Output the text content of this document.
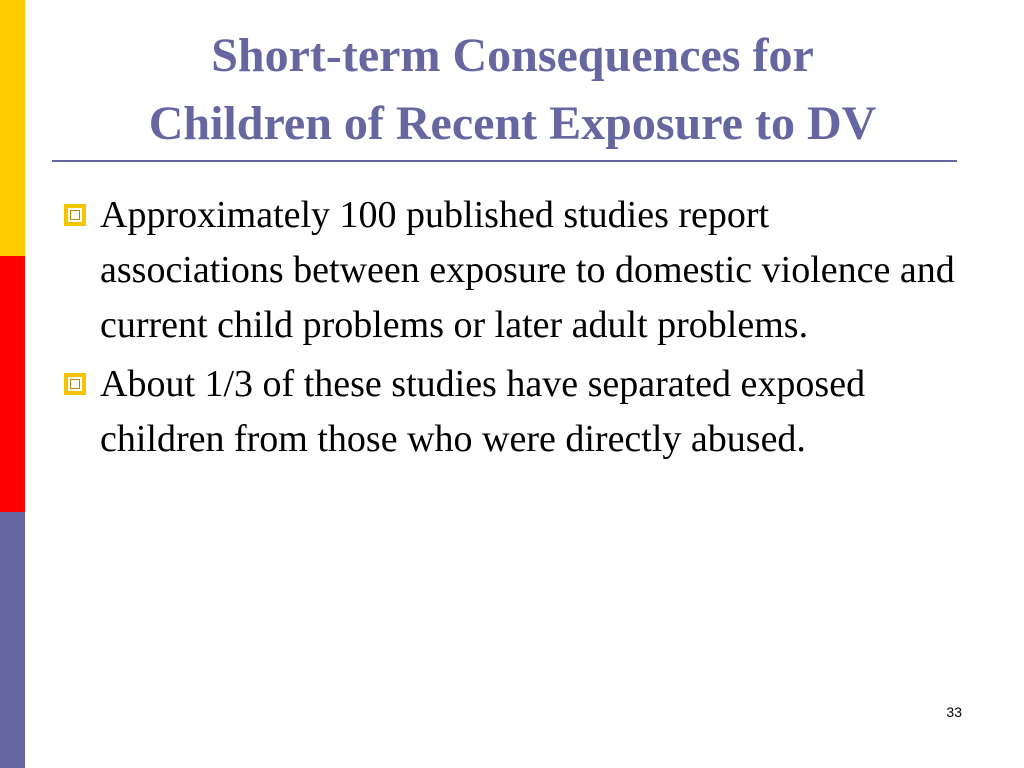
Short-term Consequences for
Children of Recent Exposure to DV
Approximately 100 published studies report associations between exposure to domestic violence and current child problems or later adult problems.
About 1/3 of these studies have separated exposed children from those who were directly abused.
33
